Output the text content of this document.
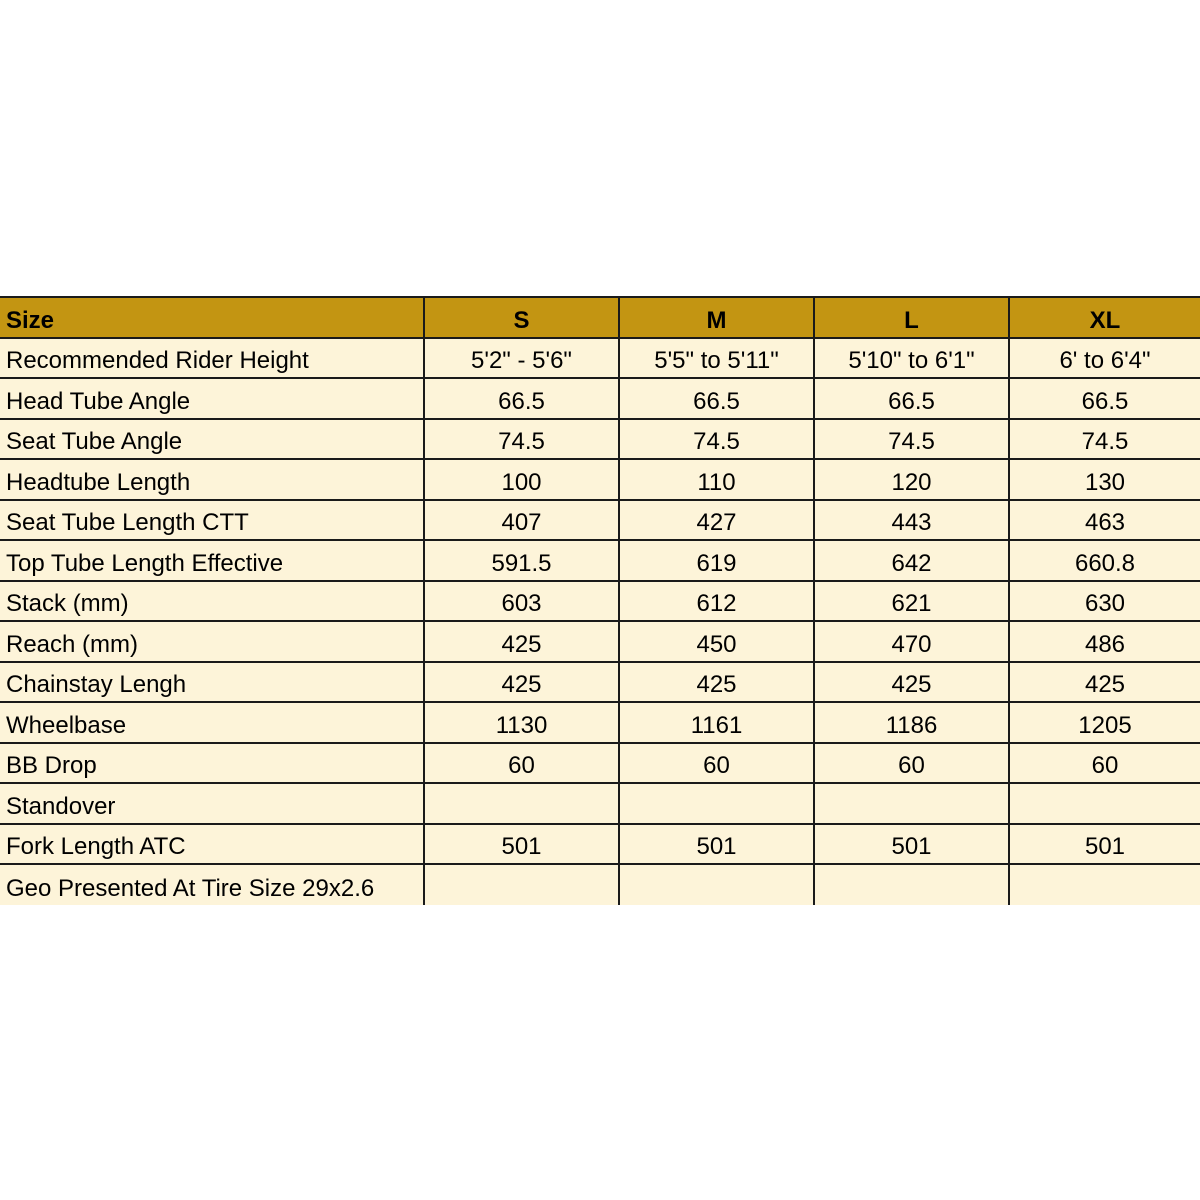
Size	S	M	L	XL
Recommended Rider Height	5'2" - 5'6"	5'5" to 5'11"	5'10" to 6'1"	6' to 6'4"
Head Tube Angle	66.5	66.5	66.5	66.5
Seat Tube Angle	74.5	74.5	74.5	74.5
Headtube Length	100	110	120	130
Seat Tube Length CTT	407	427	443	463
Top Tube Length Effective	591.5	619	642	660.8
Stack (mm)	603	612	621	630
Reach (mm)	425	450	470	486
Chainstay Lengh	425	425	425	425
Wheelbase	1130	1161	1186	1205
BB Drop	60	60	60	60
Standover				
Fork Length ATC	501	501	501	501
Geo Presented At Tire Size 29x2.6				
